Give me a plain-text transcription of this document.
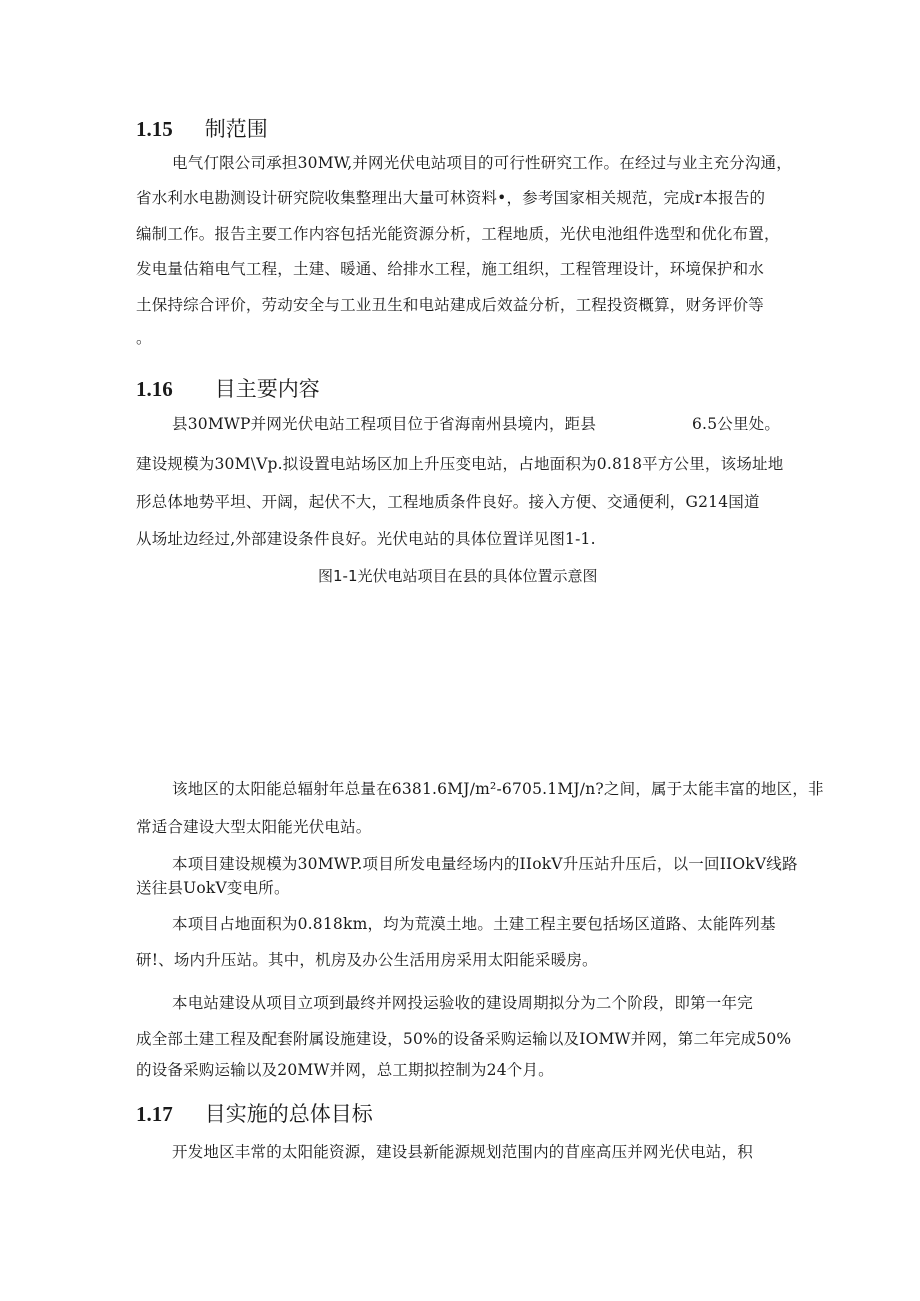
1.15 制范围
电气仃限公司承担30MW,并网光伏电站项目的可行性研究工作。在经过与业主充分沟通，
省水利水电勘测设计研究院收集整理出大量可林资料•，参考国家相关规范，完成r本报告的
编制工作。报告主要工作内容包括光能资源分析，工程地质，光伏电池组件选型和优化布置，
发电量估箱电气工程，土建、暖通、给排水工程，施工组织，工程管理设计，环境保护和水
土保持综合评价，劳动安全与工业丑生和电站建成后效益分析，工程投资概算，财务评价等
。
1.16 目主要内容
县30MWP并网光伏电站工程项目位于省海南州县境内，距县	6.5公里处。
建设规模为30M\Vp.拟设置电站场区加上升压变电站，占地面积为0.818平方公里，该场址地
形总体地势平坦、开阔，起伏不大，工程地质条件良好。接入方便、交通便利，G214国道
从场址边经过,外部建设条件良好。光伏电站的具体位置详见图1-1.
图1-1光伏电站项目在县的具体位置示意图
该地区的太阳能总辐射年总量在6381.6MJ∕m²-6705.1MJ∕n?之间，属于太能丰富的地区，非
常适合建设大型太阳能光伏电站。
本项目建设规模为30MWP.项目所发电量经场内的IIokV升压站升压后，以一回IIOkV线路
送往县UokV变电所。
本项目占地面积为0.818km，均为荒漠土地。土建工程主要包括场区道路、太能阵列基
研!、场内升压站。其中，机房及办公生活用房采用太阳能采暖房。
本电站建设从项目立项到最终并网投运验收的建设周期拟分为二个阶段，即第一年完
成全部土建工程及配套附属设施建设，50%的设备采购运输以及IOMW并网，第二年完成50%
的设备采购运输以及20MW并网，总工期拟控制为24个月。
1.17 目实施的总体目标
开发地区丰常的太阳能资源，建设县新能源规划范围内的苜座高压并网光伏电站，积
